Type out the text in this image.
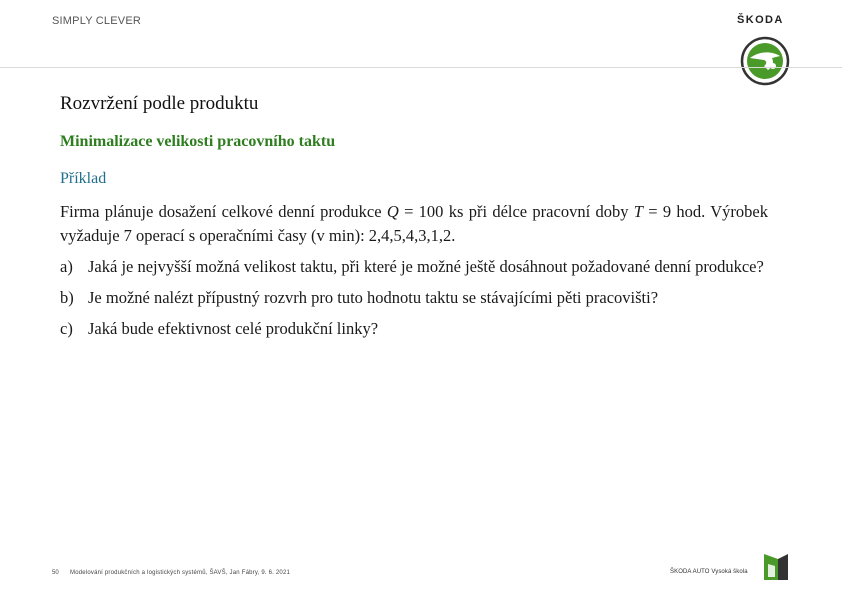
SIMPLY CLEVER	ŠKODA
Rozvržení podle produktu
Minimalizace velikosti pracovního taktu
Příklad

Firma plánuje dosažení celkové denní produkce Q = 100 ks při délce pracovní doby T = 9 hod. Výrobek vyžaduje 7 operací s operačními časy (v min): 2,4,5,4,3,1,2.

a) Jaká je nejvyšší možná velikost taktu, při které je možné ještě dosáhnout požadované denní produkce?
b) Je možné nalézt přípustný rozvrh pro tuto hodnotu taktu se stávajícími pěti pracovišti?
c) Jaká bude efektivnost celé produkční linky?
50 Modelování produkčních a logistických systémů, ŠAVŠ, Jan Fábry, 9. 6. 2021	ŠKODA AUTO Vysoká škola
